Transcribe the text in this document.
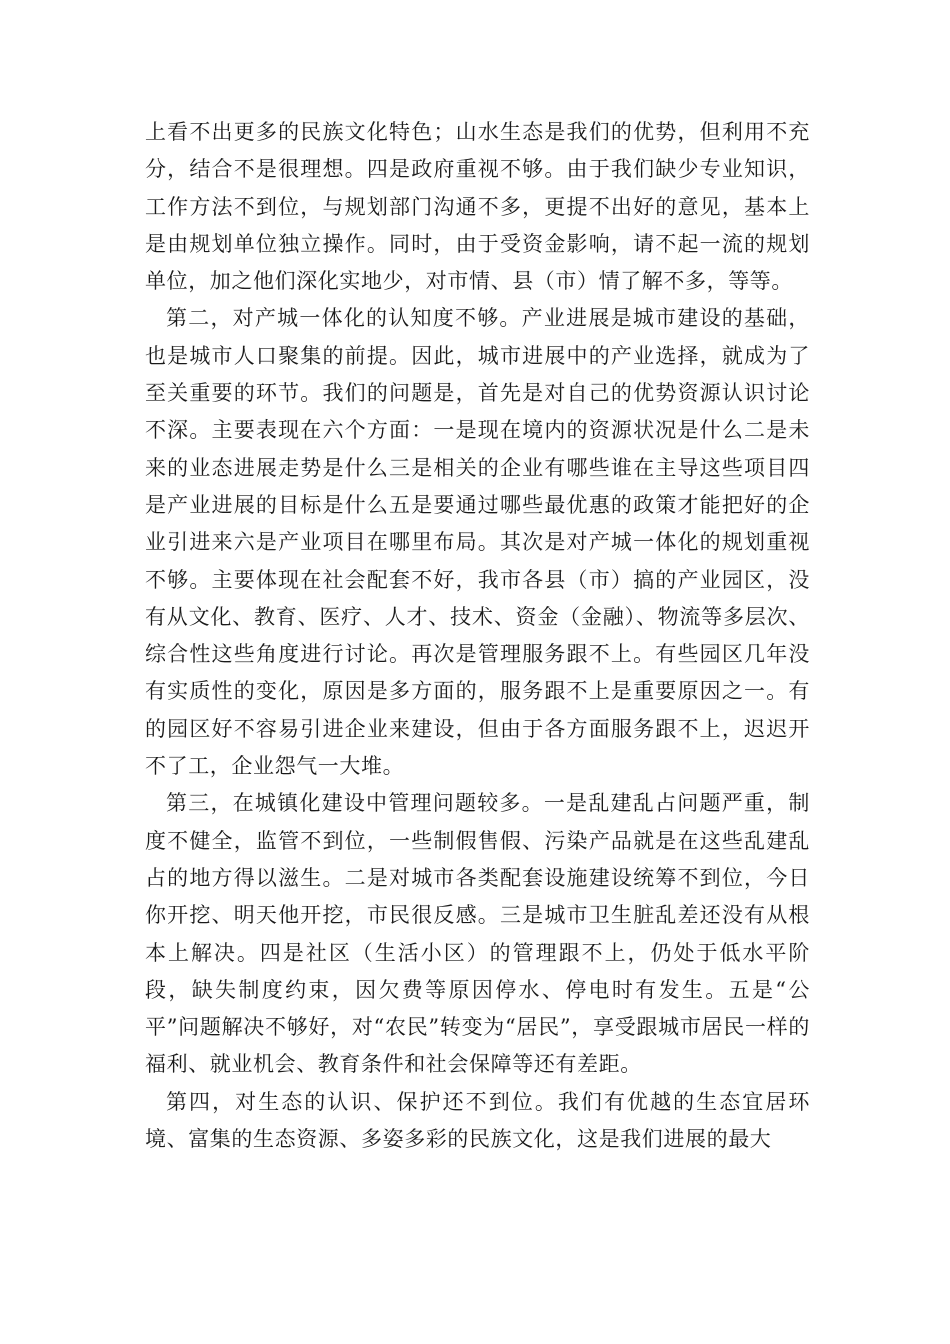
上看不出更多的民族文化特色；山水生态是我们的优势，但利用不充分，结合不是很理想。四是政府重视不够。由于我们缺少专业知识，工作方法不到位，与规划部门沟通不多，更提不出好的意见，基本上是由规划单位独立操作。同时，由于受资金影响，请不起一流的规划单位，加之他们深化实地少，对市情、县（市）情了解不多，等等。

第二，对产城一体化的认知度不够。产业进展是城市建设的基础，也是城市人口聚集的前提。因此，城市进展中的产业选择，就成为了至关重要的环节。我们的问题是，首先是对自己的优势资源认识讨论不深。主要表现在六个方面：一是现在境内的资源状况是什么二是未来的业态进展走势是什么三是相关的企业有哪些谁在主导这些项目四是产业进展的目标是什么五是要通过哪些最优惠的政策才能把好的企业引进来六是产业项目在哪里布局。其次是对产城一体化的规划重视不够。主要体现在社会配套不好，我市各县（市）搞的产业园区，没有从文化、教育、医疗、人才、技术、资金（金融）、物流等多层次、综合性这些角度进行讨论。再次是管理服务跟不上。有些园区几年没有实质性的变化，原因是多方面的，服务跟不上是重要原因之一。有的园区好不容易引进企业来建设，但由于各方面服务跟不上，迟迟开不了工，企业怨气一大堆。

第三，在城镇化建设中管理问题较多。一是乱建乱占问题严重，制度不健全，监管不到位，一些制假售假、污染产品就是在这些乱建乱占的地方得以滋生。二是对城市各类配套设施建设统筹不到位，今日你开挖、明天他开挖，市民很反感。三是城市卫生脏乱差还没有从根本上解决。四是社区（生活小区）的管理跟不上，仍处于低水平阶段，缺失制度约束，因欠费等原因停水、停电时有发生。五是“公平”问题解决不够好，对“农民”转变为“居民”，享受跟城市居民一样的福利、就业机会、教育条件和社会保障等还有差距。

第四，对生态的认识、保护还不到位。我们有优越的生态宜居环境、富集的生态资源、多姿多彩的民族文化，这是我们进展的最大
